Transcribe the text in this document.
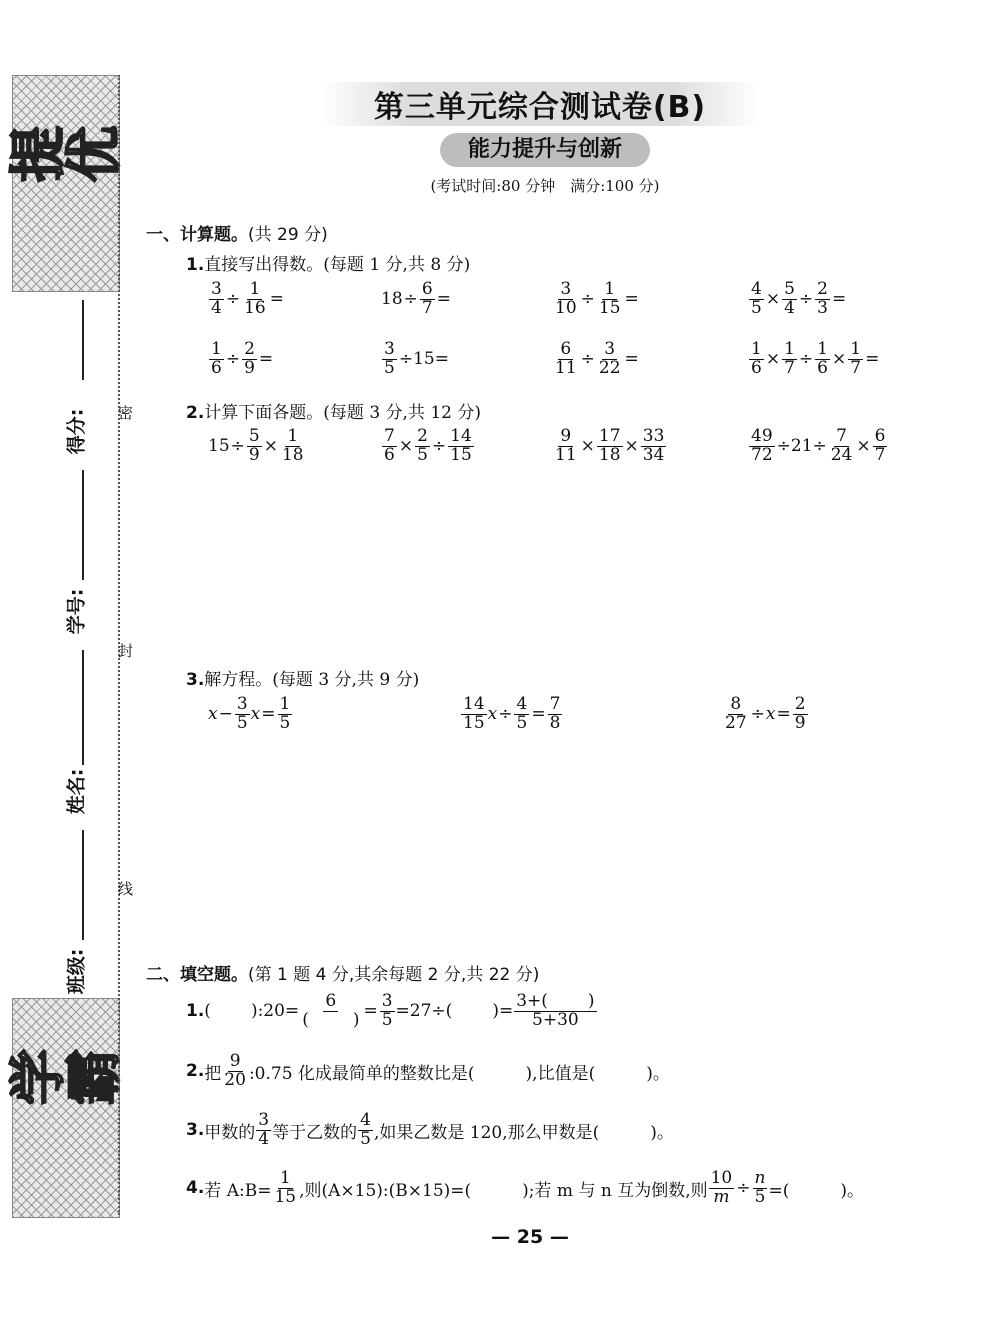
提优
学霸
得分:
学号:
姓名:
班级:
密
封
线
第三单元综合测试卷(B)
能力提升与创新
(考试时间:80 分钟　满分:100 分)
一、计算题。(共 29 分)
1.直接写出得数。(每题 1 分,共 8 分)
$\frac{3}{4} \div \frac{1}{16}$ =	$18 \div \frac{6}{7}$ =	$\frac{3}{10} \div \frac{1}{15}$ =	$\frac{4}{5} \times \frac{5}{4} \div \frac{2}{3}$ =
$\frac{1}{6} \div \frac{2}{9}$ =	$\frac{3}{5} \div 15=$	$\frac{6}{11} \div \frac{3}{22}$ =	$\frac{1}{6} \times \frac{1}{7} \div \frac{1}{6} \times \frac{1}{7}$ =
2.计算下面各题。(每题 3 分,共 12 分)
$15 \div \frac{5}{9} \times \frac{1}{18}$	$\frac{7}{6} \times \frac{2}{5} \div \frac{14}{15}$	$\frac{9}{11} \times \frac{17}{18} \times \frac{33}{34}$	$\frac{49}{72} \div 21\div \frac{7}{24} \times \frac{6}{7}$
3.解方程。(每题 3 分,共 9 分)
$x - \frac{3}{5}$ $x = \frac{1}{5}$	$\frac{14}{15}$ $x \div \frac{4}{5} = \frac{7}{8}$	$\frac{8}{27} \div x = \frac{2}{9}$
二、填空题。(第 1 题 4 分,其余每题 2 分,共 22 分)
1. ( ):20= 6
(	) = $\frac{3}{5} =27\div$( )= $\frac{3+( )}{5+30}$
2. 把 $\frac{9}{20}$ :0.75 化成最简单的整数比是(　　　),比值是(　　　)。
3. 甲数的 $\frac{3}{4}$ 等于乙数的 $\frac{4}{5}$ ,如果乙数是 120,那么甲数是(　　　)。
4. 若 A:B= $\frac{1}{15}$ ,则(A×15):(B×15)=(　　　);若 m 与 n 互为倒数,则 $\frac{10}{m} \div \frac{n}{5}$ =(　　　)。
— 25 —
